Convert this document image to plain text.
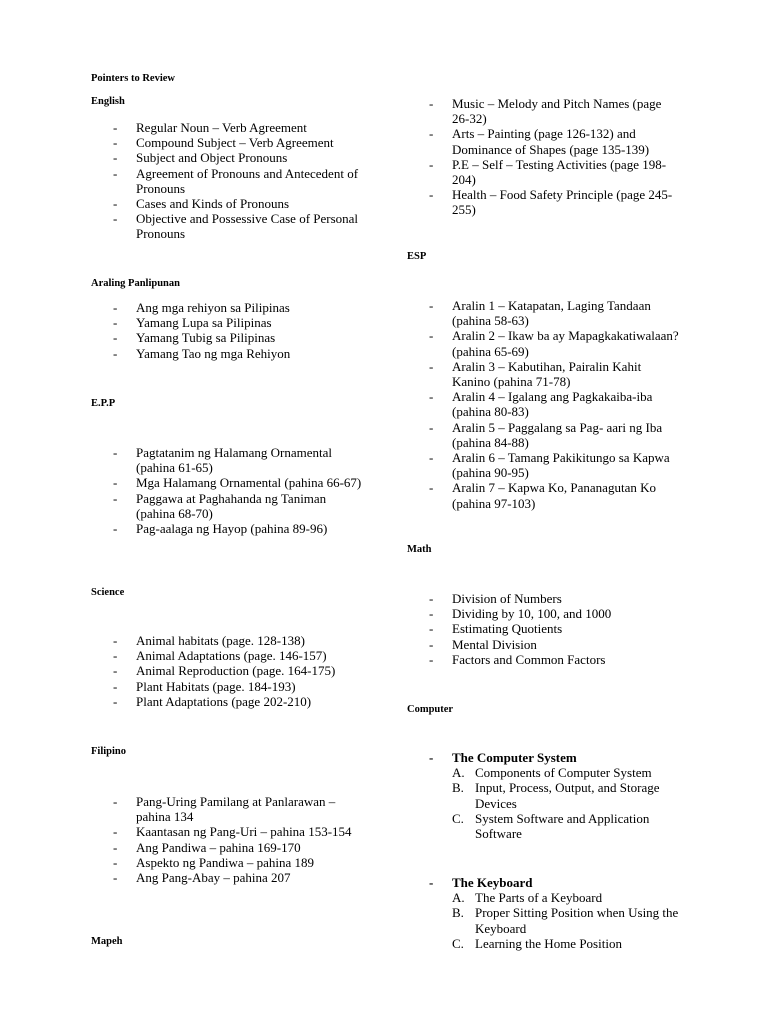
Pointers to Review
English
- Regular Noun – Verb Agreement
- Compound Subject – Verb Agreement
- Subject and Object Pronouns
- Agreement of Pronouns and Antecedent of Pronouns
- Cases and Kinds of Pronouns
- Objective and Possessive Case of Personal Pronouns
Araling Panlipunan
- Ang mga rehiyon sa Pilipinas
- Yamang Lupa sa Pilipinas
- Yamang Tubig sa Pilipinas
- Yamang Tao ng mga Rehiyon
E.P.P
- Pagtatanim ng Halamang Ornamental (pahina 61-65)
- Mga Halamang Ornamental (pahina 66-67)
- Paggawa at Paghahanda ng Taniman (pahina 68-70)
- Pag-aalaga ng Hayop (pahina 89-96)
Science
- Animal habitats (page. 128-138)
- Animal Adaptations (page. 146-157)
- Animal Reproduction (page. 164-175)
- Plant Habitats (page. 184-193)
- Plant Adaptations (page 202-210)
Filipino
- Pang-Uring Pamilang at Panlarawan – pahina 134
- Kaantasan ng Pang-Uri – pahina 153-154
- Ang Pandiwa – pahina 169-170
- Aspekto ng Pandiwa – pahina 189
- Ang Pang-Abay – pahina 207
Mapeh
- Music – Melody and Pitch Names (page 26-32)
- Arts – Painting (page 126-132) and Dominance of Shapes (page 135-139)
- P.E – Self – Testing Activities (page 198-204)
- Health – Food Safety Principle (page 245-255)
ESP
- Aralin 1 – Katapatan, Laging Tandaan (pahina 58-63)
- Aralin 2 – Ikaw ba ay Mapagkakatiwalaan? (pahina 65-69)
- Aralin 3 – Kabutihan, Pairalin Kahit Kanino (pahina 71-78)
- Aralin 4 – Igalang ang Pagkakaiba-iba (pahina 80-83)
- Aralin 5 – Paggalang sa Pag- aari ng Iba (pahina 84-88)
- Aralin 6 – Tamang Pakikitungo sa Kapwa (pahina 90-95)
- Aralin 7 – Kapwa Ko, Pananagutan Ko (pahina 97-103)
Math
- Division of Numbers
- Dividing by 10, 100, and 1000
- Estimating Quotients
- Mental Division
- Factors and Common Factors
Computer
- The Computer System
A. Components of Computer System
B. Input, Process, Output, and Storage Devices
C. System Software and Application Software
- The Keyboard
A. The Parts of a Keyboard
B. Proper Sitting Position when Using the Keyboard
C. Learning the Home Position
